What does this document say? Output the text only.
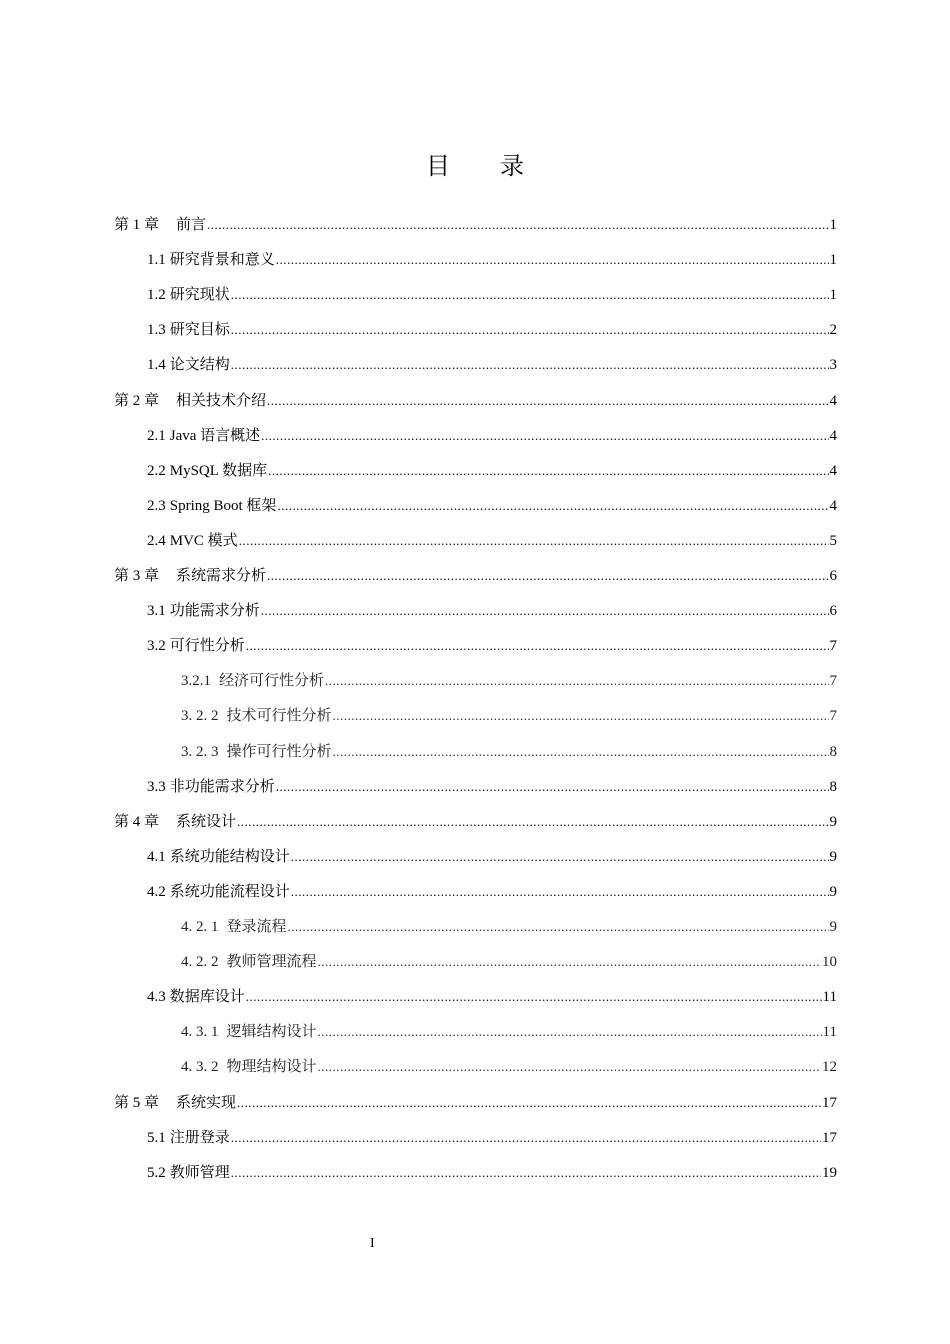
目录
第 1 章 前言 .....	1
1.1 研究背景和意义 .....	1
1.2 研究现状 .....	1
1.3 研究目标 .....	2
1.4 论文结构 .....	3
第 2 章 相关技术介绍 .....	4
2.1 Java 语言概述 .....	4
2.2 MySQL 数据库 .....	4
2.3 Spring Boot 框架 .....	4
2.4 MVC 模式 .....	5
第 3 章 系统需求分析 .....	6
3.1 功能需求分析 .....	6
3.2 可行性分析 .....	7
3.2.1 经济可行性分析 .....	7
3. 2. 2 技术可行性分析 .....	7
3. 2. 3 操作可行性分析 .....	8
3.3 非功能需求分析 .....	8
第 4 章 系统设计 .....	9
4.1 系统功能结构设计 .....	9
4.2 系统功能流程设计 .....	9
4. 2. 1 登录流程 .....	9
4. 2. 2 教师管理流程 .....	10
4.3 数据库设计 .....	11
4. 3. 1 逻辑结构设计 .....	11
4. 3. 2 物理结构设计 .....	12
第 5 章 系统实现 .....	17
5.1 注册登录 .....	17
5.2 教师管理 .....	19
I
